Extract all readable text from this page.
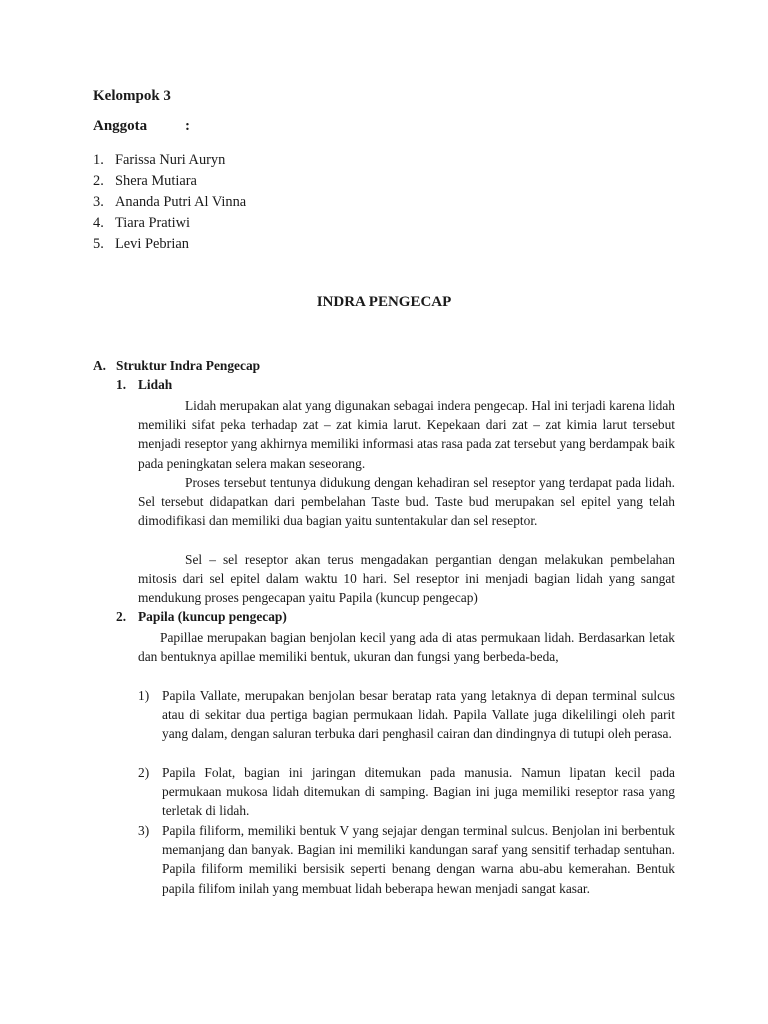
Kelompok 3
Anggota	:
1. Farissa Nuri Auryn
2. Shera Mutiara
3. Ananda Putri Al Vinna
4. Tiara Pratiwi
5. Levi Pebrian
INDRA PENGECAP
A. Struktur Indra Pengecap
1. Lidah
Lidah merupakan alat yang digunakan sebagai indera pengecap. Hal ini terjadi karena lidah memiliki sifat peka terhadap zat – zat kimia larut. Kepekaan dari zat – zat kimia larut tersebut menjadi reseptor yang akhirnya memiliki informasi atas rasa pada zat tersebut yang berdampak baik pada peningkatan selera makan seseorang.
Proses tersebut tentunya didukung dengan kehadiran sel reseptor yang terdapat pada lidah. Sel tersebut didapatkan dari pembelahan Taste bud. Taste bud merupakan sel epitel yang telah dimodifikasi dan memiliki dua bagian yaitu suntentakular dan sel reseptor.
Sel – sel reseptor akan terus mengadakan pergantian dengan melakukan pembelahan mitosis dari sel epitel dalam waktu 10 hari. Sel reseptor ini menjadi bagian lidah yang sangat mendukung proses pengecapan yaitu Papila (kuncup pengecap)
2. Papila (kuncup pengecap)
Papillae merupakan bagian benjolan kecil yang ada di atas permukaan lidah. Berdasarkan letak dan bentuknya apillae memiliki bentuk, ukuran dan fungsi yang berbeda-beda,
1) Papila Vallate, merupakan benjolan besar beratap rata yang letaknya di depan terminal sulcus atau di sekitar dua pertiga bagian permukaan lidah. Papila Vallate juga dikelilingi oleh parit yang dalam, dengan saluran terbuka dari penghasil cairan dan dindingnya di tutupi oleh perasa.
2) Papila Folat, bagian ini jaringan ditemukan pada manusia. Namun lipatan kecil pada permukaan mukosa lidah ditemukan di samping. Bagian ini juga memiliki reseptor rasa yang terletak di lidah.
3) Papila filiform, memiliki bentuk V yang sejajar dengan terminal sulcus. Benjolan ini berbentuk memanjang dan banyak. Bagian ini memiliki kandungan saraf yang sensitif terhadap sentuhan. Papila filiform memiliki bersisik seperti benang dengan warna abu-abu kemerahan. Bentuk papila filifom inilah yang membuat lidah beberapa hewan menjadi sangat kasar.
